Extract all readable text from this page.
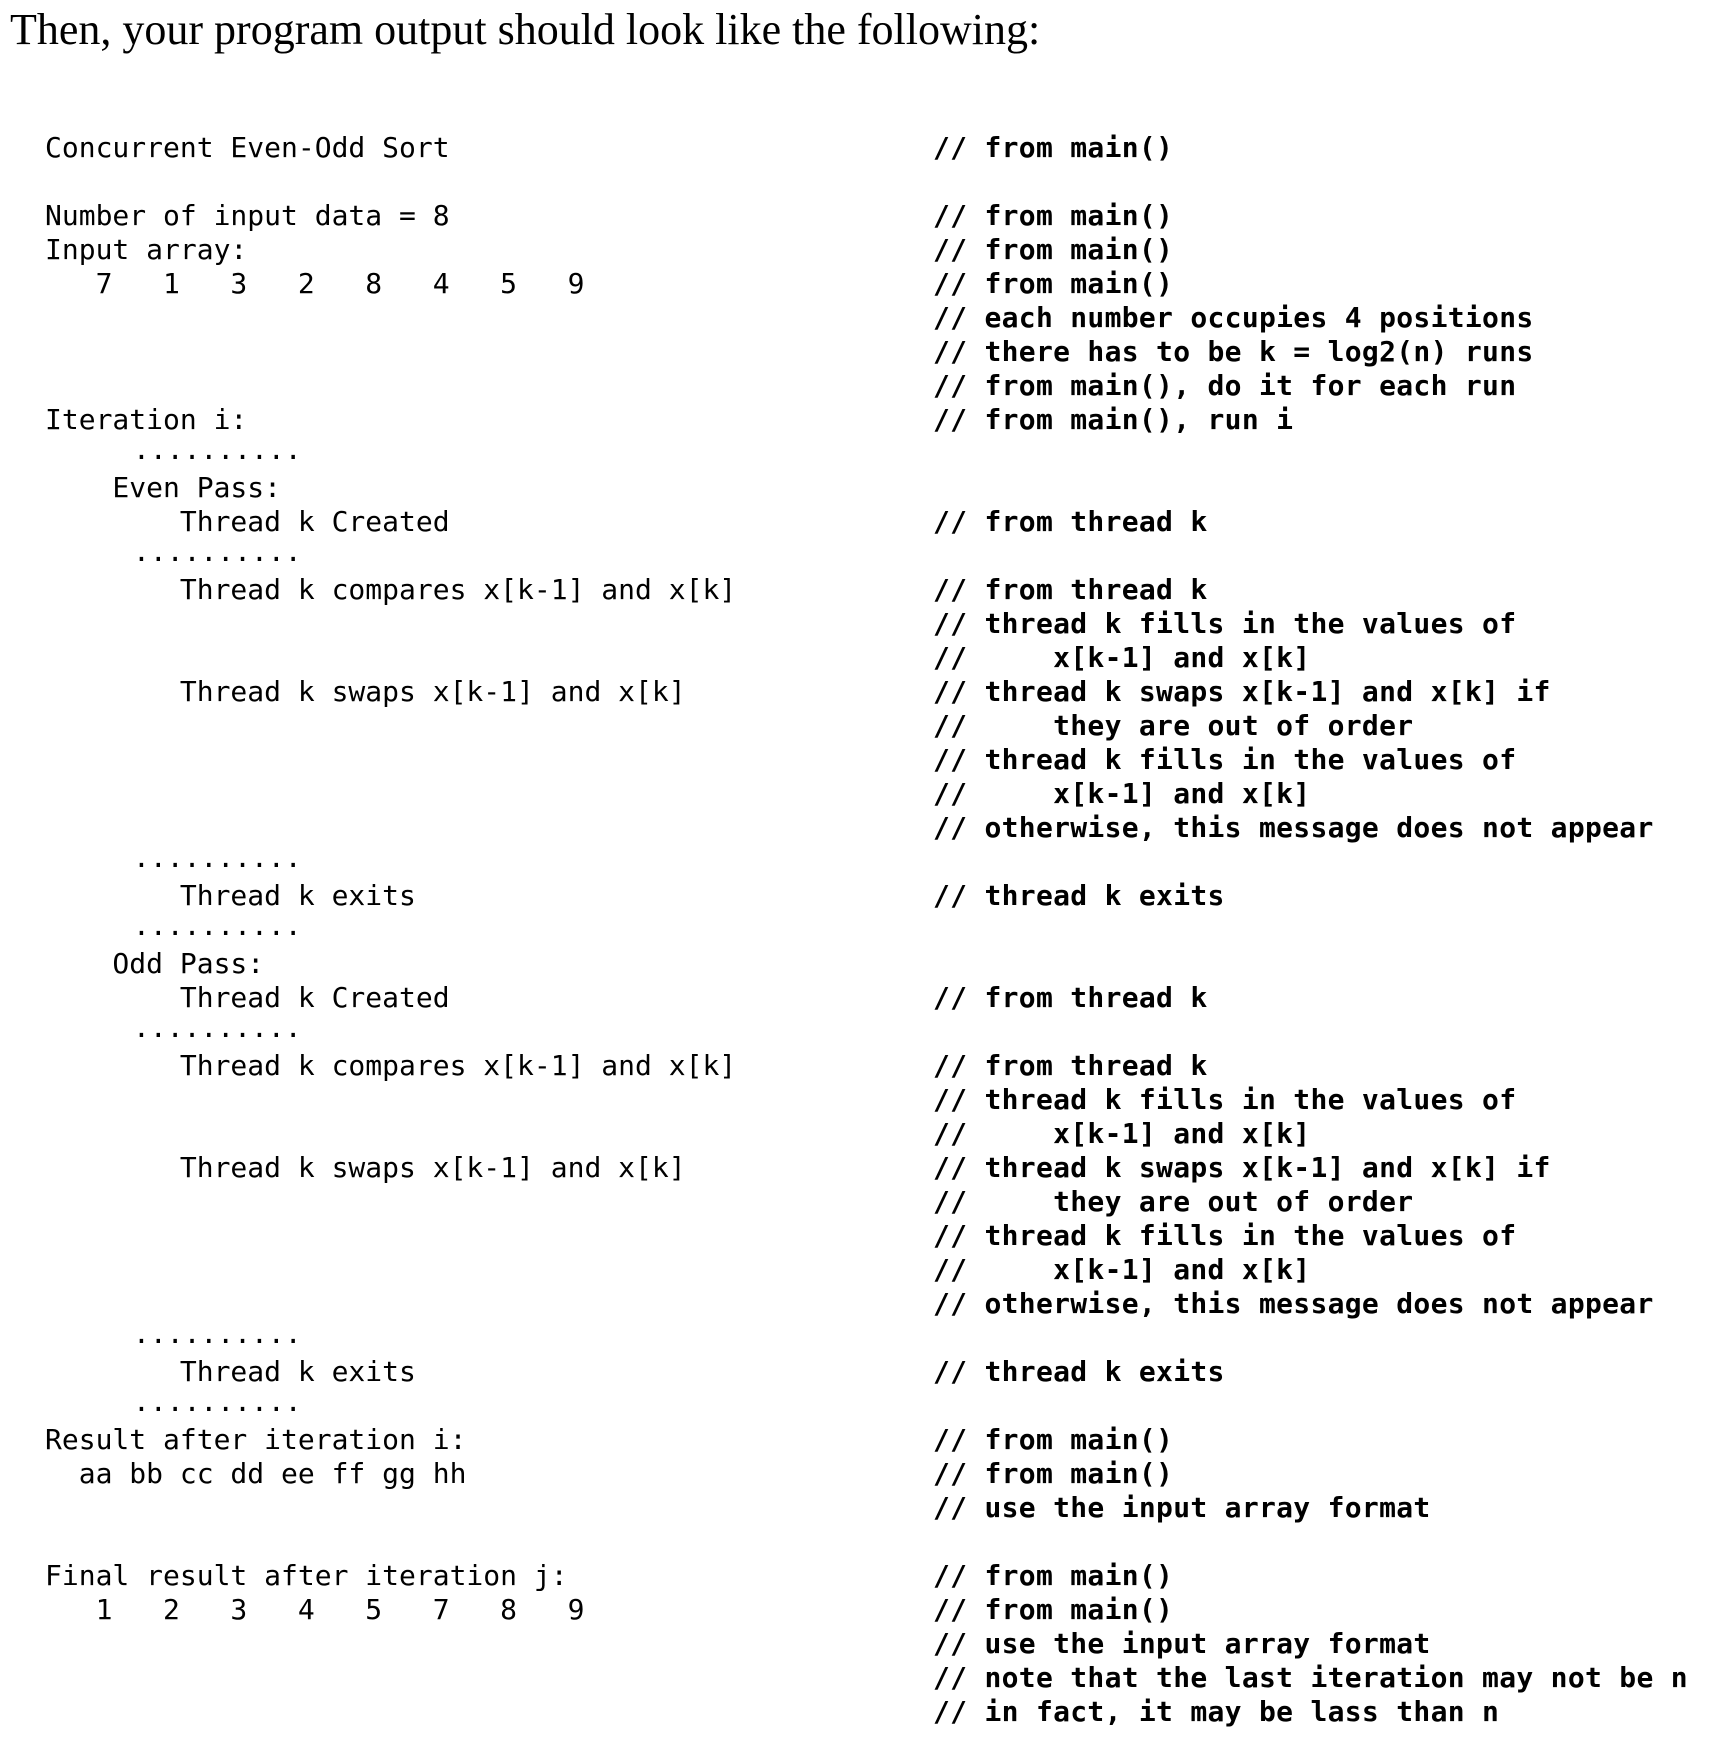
Then, your program output should look like the following:
Concurrent Even-Odd Sort
Number of input data = 8
Input array:
7   1   3   2   8   4   5   9
Iteration i:
..........
Even Pass:
Thread k Created
..........
Thread k compares x[k-1] and x[k]
Thread k swaps x[k-1] and x[k]
..........
Thread k exits
..........
Odd Pass:
Thread k Created
..........
Thread k compares x[k-1] and x[k]
Thread k swaps x[k-1] and x[k]
..........
Thread k exits
..........
Result after iteration i:
aa bb cc dd ee ff gg hh
Final result after iteration j:
1   2   3   4   5   7   8   9
// from main()
// from main()
// from main()
// from main()
// each number occupies 4 positions
// there has to be k = log2(n) runs
// from main(), do it for each run
// from main(), run i
// from thread k
// from thread k
// thread k fills in the values of
//     x[k-1] and x[k]
// thread k swaps x[k-1] and x[k] if
//     they are out of order
// thread k fills in the values of
//     x[k-1] and x[k]
// otherwise, this message does not appear
// thread k exits
// from thread k
// from thread k
// thread k fills in the values of
//     x[k-1] and x[k]
// thread k swaps x[k-1] and x[k] if
//     they are out of order
// thread k fills in the values of
//     x[k-1] and x[k]
// otherwise, this message does not appear
// thread k exits
// from main()
// from main()
// use the input array format
// from main()
// from main()
// use the input array format
// note that the last iteration may not be n
// in fact, it may be lass than n
